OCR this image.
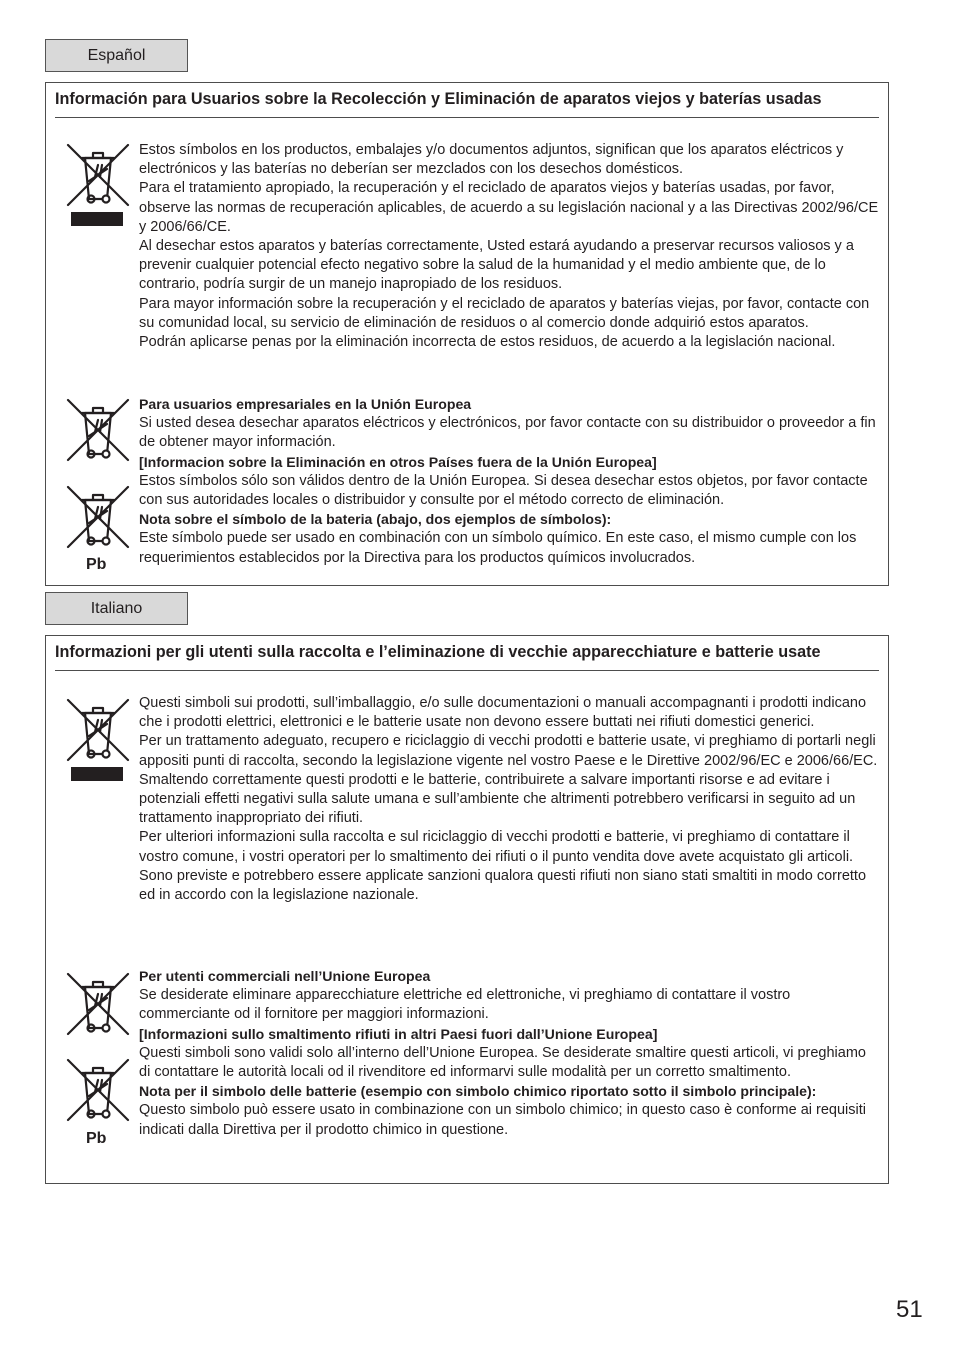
Español
Información para Usuarios sobre la Recolección y Eliminación de aparatos viejos y baterías usadas
Pb

Estos símbolos en los productos, embalajes y/o documentos adjuntos, significan que los aparatos eléctricos y electrónicos y las baterías no deberían ser mezclados con los desechos domésticos.

Para el tratamiento apropiado, la recuperación y el reciclado de aparatos viejos y baterías usadas, por favor, observe las normas de recuperación aplicables, de acuerdo a su legislación nacional y a las Directivas 2002/96/CE y 2006/66/CE.

Al desechar estos aparatos y baterías correctamente, Usted estará ayudando a preservar recursos valiosos y a prevenir cualquier potencial efecto negativo sobre la salud de la humanidad y el medio ambiente que, de lo contrario, podría surgir de un manejo inapropiado de los residuos.

Para mayor información sobre la recuperación y el reciclado de aparatos y baterías viejas, por favor, contacte con su comunidad local, su servicio de eliminación de residuos o al comercio donde adquirió estos aparatos.

Podrán aplicarse penas por la eliminación incorrecta de estos residuos, de acuerdo a la legislación nacional.

Para usuarios empresariales en la Unión Europea

Si usted desea desechar aparatos eléctricos y electrónicos, por favor contacte con su distribuidor o proveedor a fin de obtener mayor información.

[Informacion sobre la Eliminación en otros Países fuera de la Unión Europea]

Estos símbolos sólo son válidos dentro de la Unión Europea. Si desea desechar estos objetos, por favor contacte con sus autoridades locales o distribuidor y consulte por el método correcto de eliminación.

Nota sobre el símbolo de la bateria (abajo, dos ejemplos de símbolos):

Este símbolo puede ser usado en combinación con un símbolo químico. En este caso, el mismo cumple con los requerimientos establecidos por la Directiva para los productos químicos involucrados.

Italiano
Informazioni per gli utenti sulla raccolta e l’eliminazione di vecchie apparecchiature e batterie usate
Pb

Questi simboli sui prodotti, sull’imballaggio, e/o sulle documentazioni o manuali accompagnanti i prodotti indicano che i prodotti elettrici, elettronici e le batterie usate non devono essere buttati nei rifiuti domestici generici.

Per un trattamento adeguato, recupero e riciclaggio di vecchi prodotti e batterie usate, vi preghiamo di portarli negli appositi punti di raccolta, secondo la legislazione vigente nel vostro Paese e le Direttive 2002/96/EC e 2006/66/EC.

Smaltendo correttamente questi prodotti e le batterie, contribuirete a salvare importanti risorse e ad evitare i potenziali effetti negativi sulla salute umana e sull’ambiente che altrimenti potrebbero verificarsi in seguito ad un trattamento inappropriato dei rifiuti.

Per ulteriori informazioni sulla raccolta e sul riciclaggio di vecchi prodotti e batterie, vi preghiamo di contattare il vostro comune, i vostri operatori per lo smaltimento dei rifiuti o il punto vendita dove avete acquistato gli articoli.

Sono previste e potrebbero essere applicate sanzioni qualora questi rifiuti non siano stati smaltiti in modo corretto ed in accordo con la legislazione nazionale.

Per utenti commerciali nell’Unione Europea

Se desiderate eliminare apparecchiature elettriche ed elettroniche, vi preghiamo di contattare il vostro commerciante od il fornitore per maggiori informazioni.

[Informazioni sullo smaltimento rifiuti in altri Paesi fuori dall’Unione Europea]

Questi simboli sono validi solo all’interno dell’Unione Europea. Se desiderate smaltire questi articoli, vi preghiamo di contattare le autorità locali od il rivenditore ed informarvi sulle modalità per un corretto smaltimento.

Nota per il simbolo delle batterie (esempio con simbolo chimico riportato sotto il simbolo principale):

Questo simbolo può essere usato in combinazione con un simbolo chimico; in questo caso è conforme ai requisiti indicati dalla Direttiva per il prodotto chimico in questione.

51
